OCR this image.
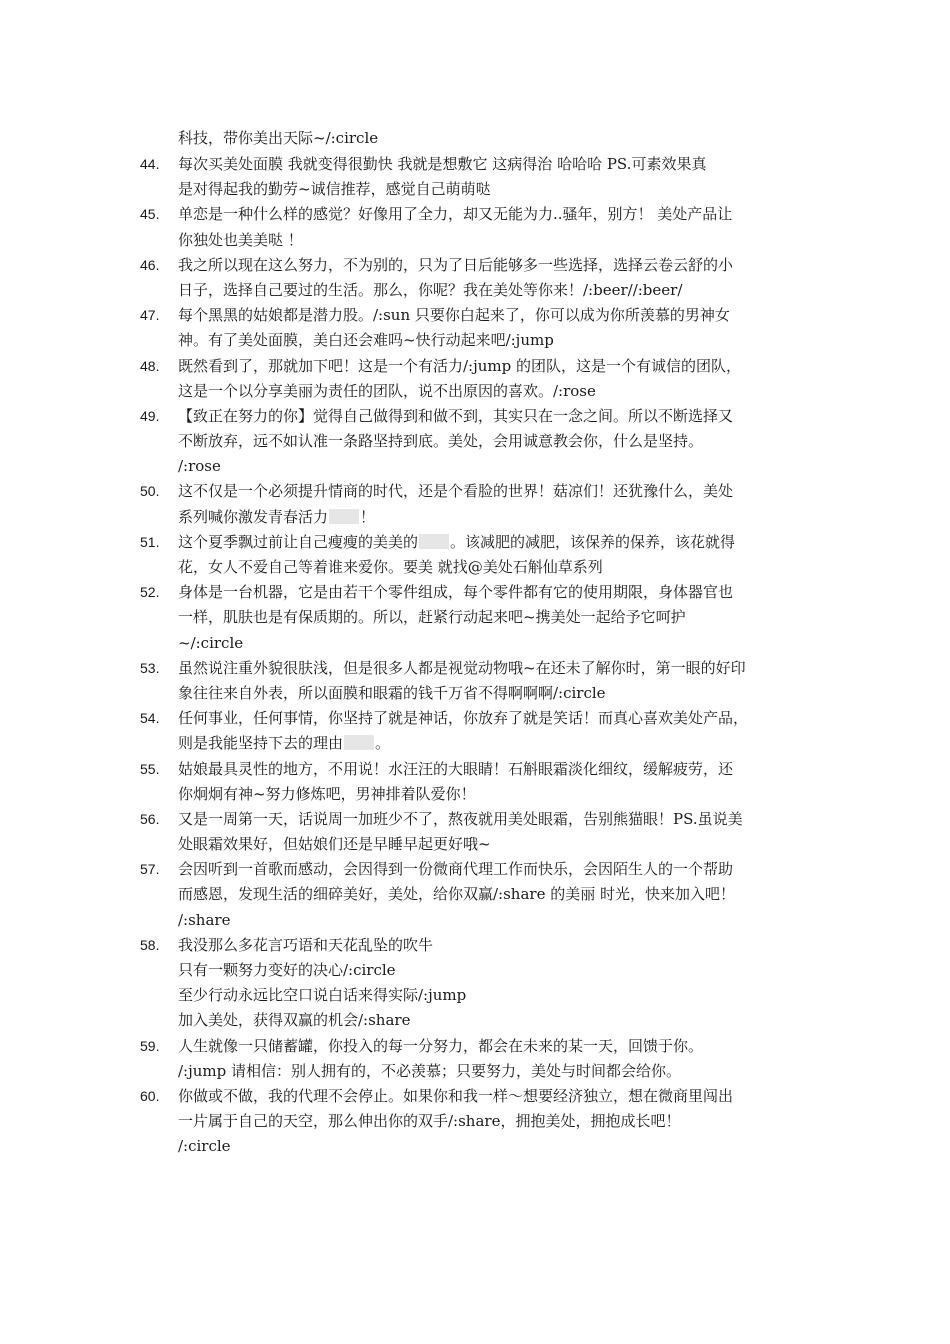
科技，带你美出天际~/:circle
44.	每次买美处面膜 我就变得很勤快 我就是想敷它 这病得治 哈哈哈 PS.可素效果真
是对得起我的勤劳~诚信推荐，感觉自己萌萌哒
45.	单恋是一种什么样的感觉？好像用了全力，却又无能为力..骚年，别方！ 美处产品让
你独处也美美哒 ！
46.	我之所以现在这么努力，不为别的，只为了日后能够多一些选择，选择云卷云舒的小
日子，选择自己要过的生活。那么，你呢？我在美处等你来！/:beer//:beer/
47.	每个黑黑的姑娘都是潜力股。/:sun 只要你白起来了，你可以成为你所羡慕的男神女
神。有了美处面膜，美白还会难吗~快行动起来吧/:jump
48.	既然看到了，那就加下吧！这是一个有活力/:jump 的团队，这是一个有诚信的团队，
这是一个以分享美丽为责任的团队，说不出原因的喜欢。/:rose
49.	【致正在努力的你】觉得自己做得到和做不到，其实只在一念之间。所以不断选择又
不断放弃，远不如认准一条路坚持到底。美处，会用诚意教会你，什么是坚持。
/:rose
50.	这不仅是一个必须提升情商的时代，还是个看脸的世界！菇凉们！还犹豫什么，美处
系列喊你激发青春活力 ！
51.	这个夏季飘过前让自己瘦瘦的美美的 。该减肥的减肥，该保养的保养，该花就得
花，女人不爱自己等着谁来爱你。要美 就找@美处石斛仙草系列
52.	身体是一台机器，它是由若干个零件组成，每个零件都有它的使用期限，身体器官也
一样，肌肤也是有保质期的。所以，赶紧行动起来吧~携美处一起给予它呵护
~/:circle
53.	虽然说注重外貌很肤浅，但是很多人都是视觉动物哦~在还未了解你时，第一眼的好印
象往往来自外表，所以面膜和眼霜的钱千万省不得啊啊啊/:circle
54.	任何事业，任何事情，你坚持了就是神话，你放弃了就是笑话！而真心喜欢美处产品，
则是我能坚持下去的理由 。
55.	姑娘最具灵性的地方，不用说！水汪汪的大眼睛！石斛眼霜淡化细纹，缓解疲劳，还
你炯炯有神~努力修炼吧，男神排着队爱你！
56.	又是一周第一天，话说周一加班少不了，熬夜就用美处眼霜，告别熊猫眼！PS.虽说美
处眼霜效果好，但姑娘们还是早睡早起更好哦~
57.	会因听到一首歌而感动，会因得到一份微商代理工作而快乐，会因陌生人的一个帮助
而感恩，发现生活的细碎美好，美处，给你双赢/:share 的美丽 时光，快来加入吧！
/:share
58.	我没那么多花言巧语和天花乱坠的吹牛
只有一颗努力变好的决心/:circle
至少行动永远比空口说白话来得实际/:jump
加入美处，获得双赢的机会/:share
59.	人生就像一只储蓄罐，你投入的每一分努力，都会在未来的某一天，回馈于你。
/:jump 请相信：别人拥有的，不必羡慕；只要努力，美处与时间都会给你。
60.	你做或不做，我的代理不会停止。如果你和我一样～想要经济独立，想在微商里闯出
一片属于自己的天空，那么伸出你的双手/:share，拥抱美处，拥抱成长吧！
/:circle
